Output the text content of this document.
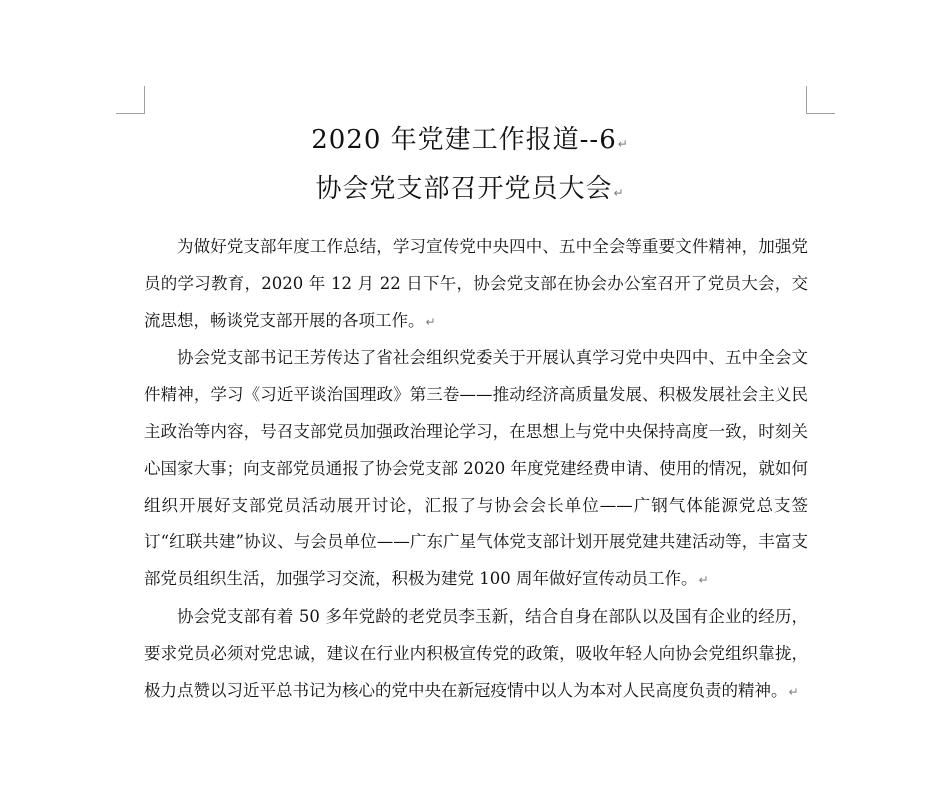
2020 年党建工作报道--6↵
协会党支部召开党员大会↵

为做好党支部年度工作总结，学习宣传党中央四中、五中全会等重要文件精神，加强党员的学习教育，2020 年 12 月 22 日下午，协会党支部在协会办公室召开了党员大会，交流思想，畅谈党支部开展的各项工作。↵

协会党支部书记王芳传达了省社会组织党委关于开展认真学习党中央四中、五中全会文件精神，学习《习近平谈治国理政》第三卷——推动经济高质量发展、积极发展社会主义民主政治等内容，号召支部党员加强政治理论学习，在思想上与党中央保持高度一致，时刻关心国家大事；向支部党员通报了协会党支部 2020 年度党建经费申请、使用的情况，就如何组织开展好支部党员活动展开讨论，汇报了与协会会长单位——广钢气体能源党总支签订“红联共建”协议、与会员单位——广东广星气体党支部计划开展党建共建活动等，丰富支部党员组织生活，加强学习交流，积极为建党 100 周年做好宣传动员工作。↵

协会党支部有着 50 多年党龄的老党员李玉新，结合自身在部队以及国有企业的经历，要求党员必须对党忠诚，建议在行业内积极宣传党的政策，吸收年轻人向协会党组织靠拢，极力点赞以习近平总书记为核心的党中央在新冠疫情中以人为本对人民高度负责的精神。↵
